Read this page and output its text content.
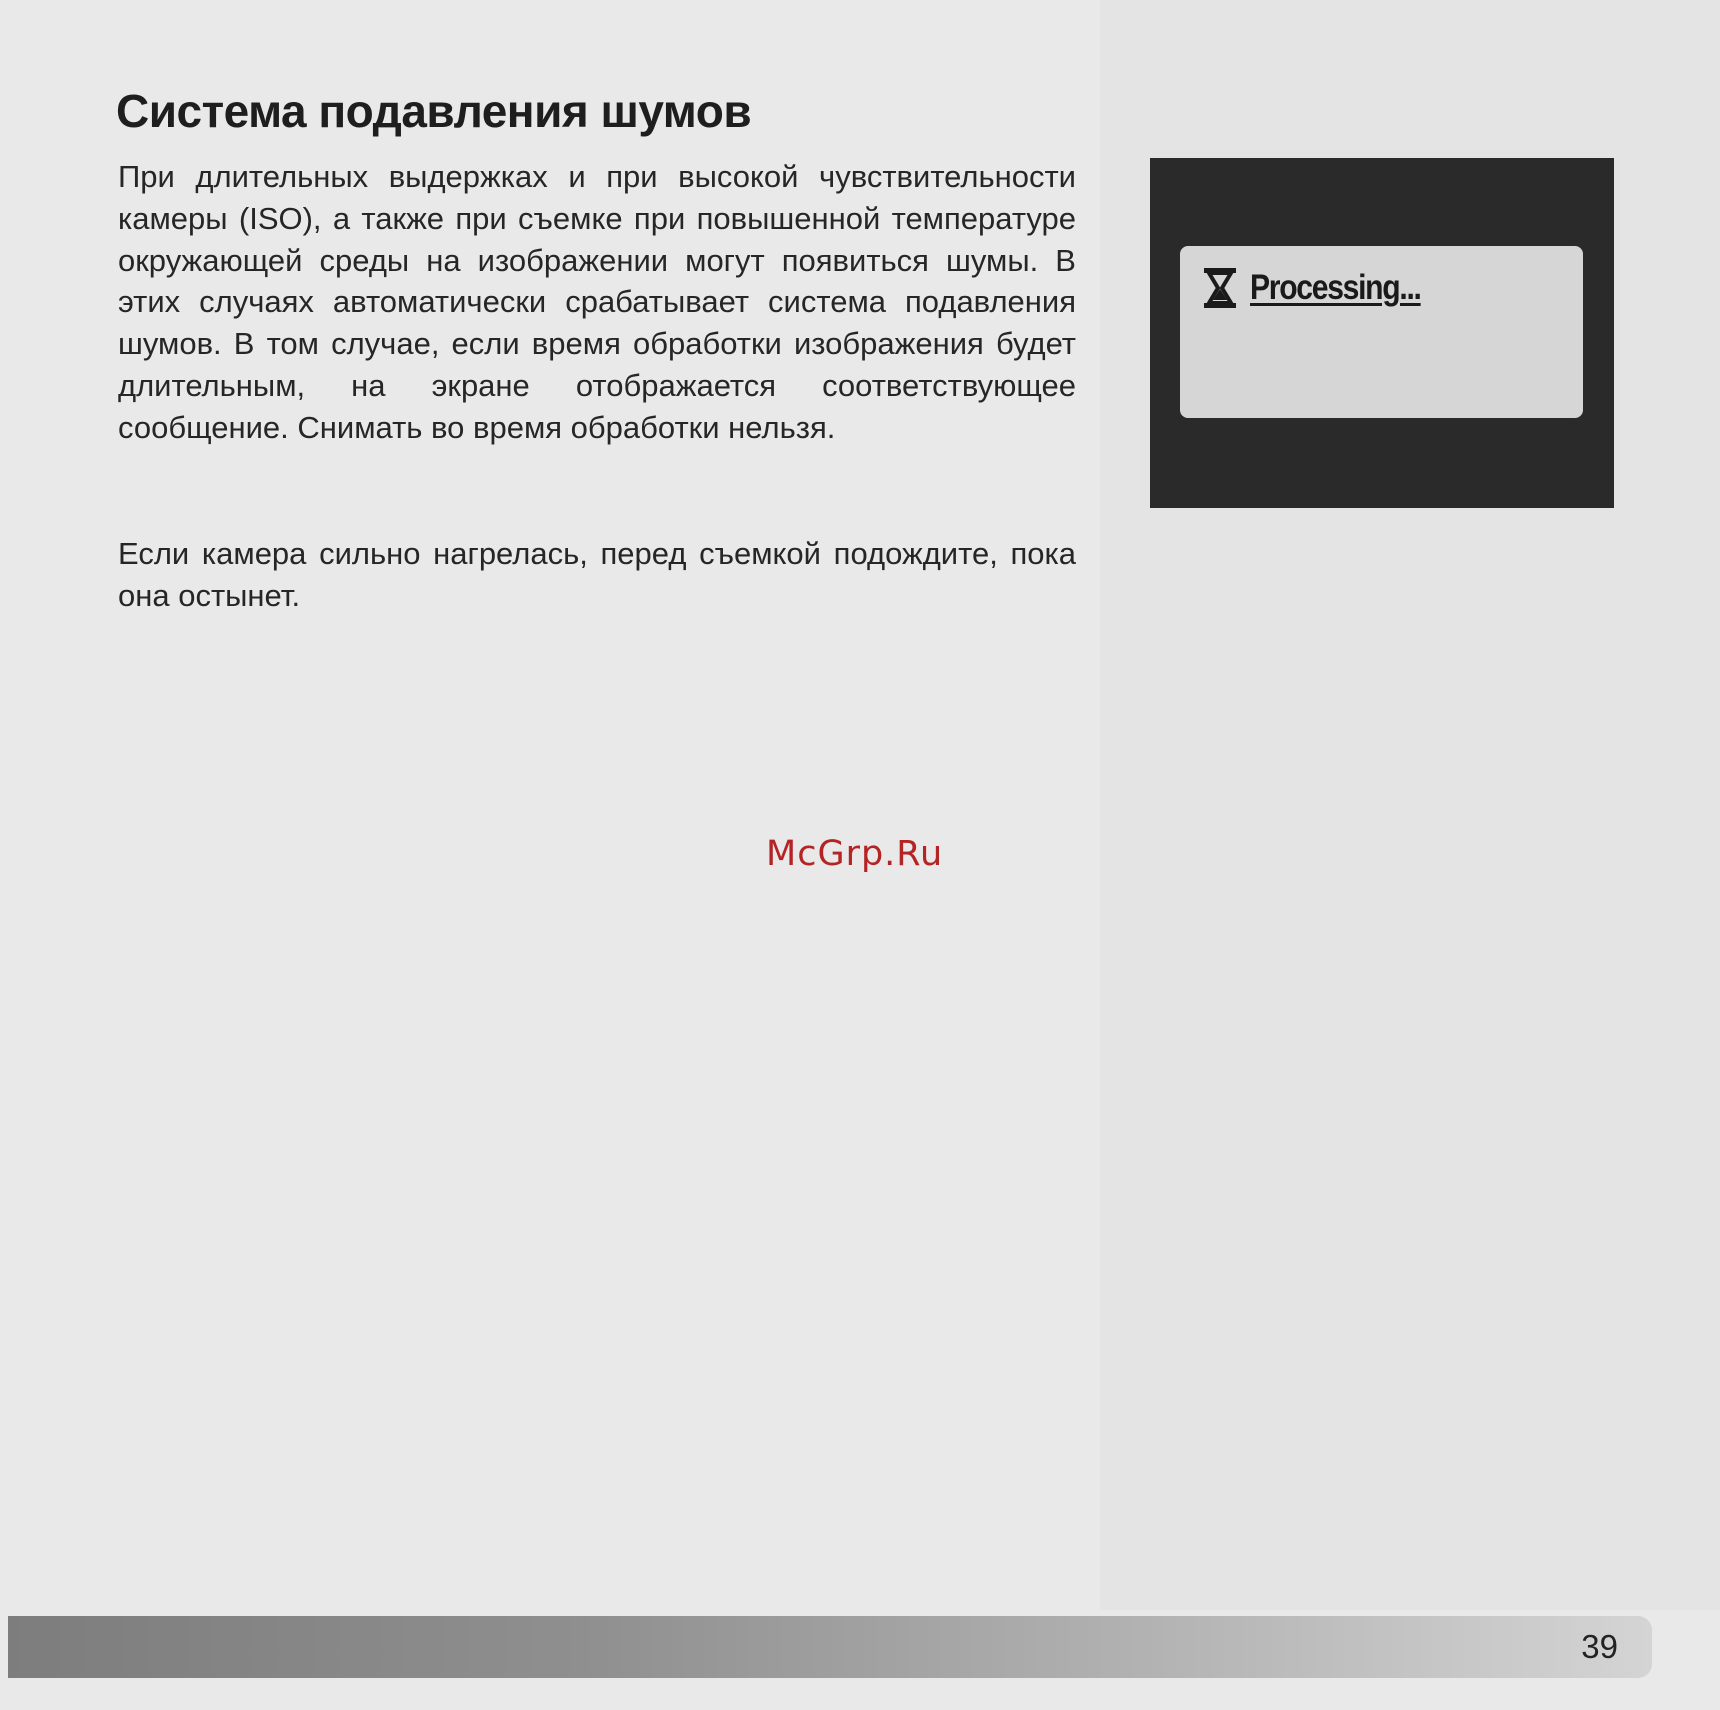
Система подавления шумов

При длительных выдержках и при высокой чувствительности камеры (ISO), а также при съемке при повышенной температуре окружающей среды на изображении могут появиться шумы. В этих случаях автоматически срабатывает система подавления шумов. В том случае, если время обработки изображения будет длительным, на экране отображается соответствующее сообщение. Снимать во время обработки нельзя.

Если камера сильно нагрелась, перед съемкой подождите, пока она остынет.

Processing...
McGrp.Ru
39
